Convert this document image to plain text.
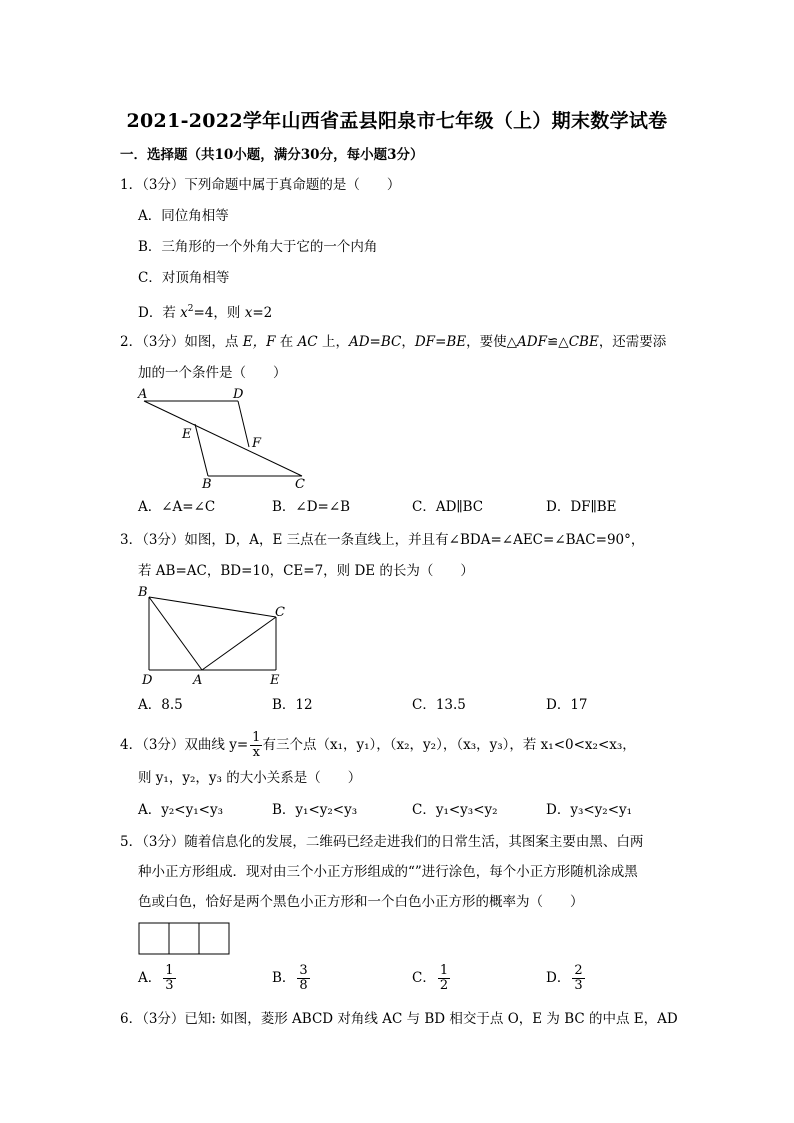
2021-2022学年山西省盂县阳泉市七年级（上）期末数学试卷
一．选择题（共10小题，满分30分，每小题3分）
1．（3分）下列命题中属于真命题的是（　　）
A．同位角相等
B．三角形的一个外角大于它的一个内角
C．对顶角相等
D．若 $x^2=4$，则 x=2
2．（3分）如图，点 E，F 在 AC 上，AD=BC，DF=BE，要使△ADF≌△CBE，还需要添
加的一个条件是（　　）
A	D
E
F
B	C
A．∠A=∠C	B．∠D=∠B	C．AD∥BC	D．DF∥BE
3．（3分）如图，D，A，E 三点在一条直线上，并且有∠BDA=∠AEC=∠BAC=90°，
若 AB=AC，BD=10，CE=7，则 DE 的长为（　　）
B
C
D	A	E
A．8.5	B．12	C．13.5	D．17
4．（3分）双曲线 $y= \frac{1}{x}$ 有三个点（x₁，y₁），（x₂，y₂），（x₃，y₃），若 x₁<0<x₂<x₃，
则 y₁，y₂，y₃ 的大小关系是（　　）
A．y₂<y₁<y₃	B．y₁<y₂<y₃	C．y₁<y₃<y₂	D．y₃<y₂<y₁
5．（3分）随着信息化的发展，二维码已经走进我们的日常生活，其图案主要由黑、白两
种小正方形组成．现对由三个小正方形组成的“”进行涂色，每个小正方形随机涂成黑
色或白色，恰好是两个黑色小正方形和一个白色小正方形的概率为（　　）
A． $\frac{1}{3}$	B． $\frac{3}{8}$	C． $\frac{1}{2}$	D． $\frac{2}{3}$
6．（3分）已知: 如图，菱形 ABCD 对角线 AC 与 BD 相交于点 O，E 为 BC 的中点 E，AD
